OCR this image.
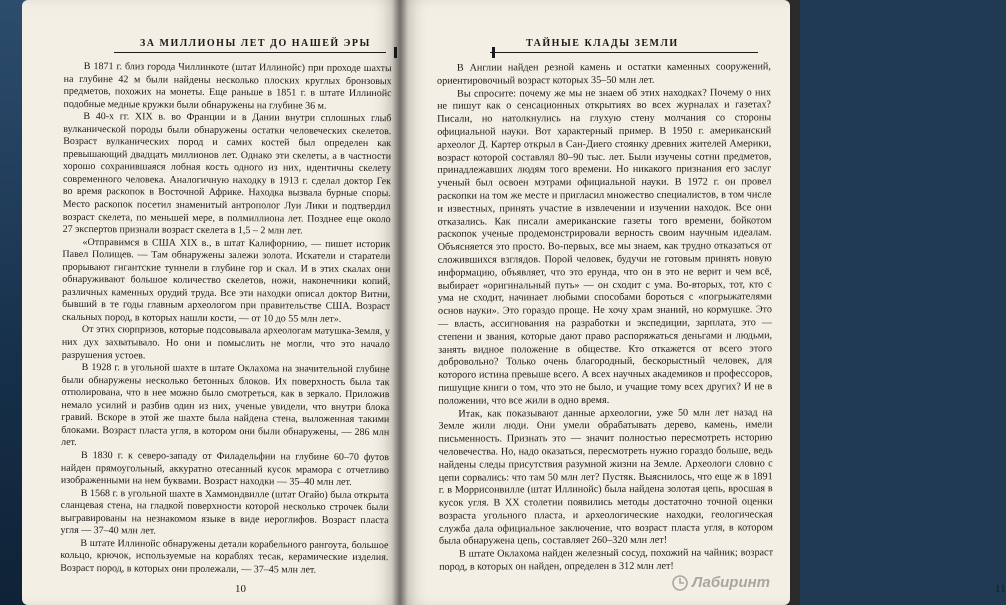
ЗА МИЛЛИОНЫ ЛЕТ ДО НАШЕЙ ЭРЫ

В 1871 г. близ города Чиллинкоте (штат Иллинойс) при проходе шахты на глубине 42 м были найдены несколько плоских круглых бронзовых предметов, похожих на монеты. Еще раньше в 1851 г. в штате Иллинойс подобные медные кружки были обнаружены на глубине 36 м.

В 40-х гг. XIX в. во Франции и в Дании внутри сплошных глыб вулканической породы были обнаружены остатки человеческих скелетов. Возраст вулканических пород и самих костей был определен как превышающий двадцать миллионов лет. Однако эти скелеты, а в частности хорошо сохранившаяся лобная кость одного из них, идентичны скелету современного человека. Аналогичную находку в 1913 г. сделал доктор Гек во время раскопок в Восточной Африке. Находка вызвала бурные споры. Место раскопок посетил знаменитый антрополог Луи Лики и подтвердил возраст скелета, по меньшей мере, в полмиллиона лет. Позднее еще около 27 экспертов признали возраст скелета в 1,5 – 2 млн лет.

«Отправимся в США XIX в., в штат Калифорнию, — пишет историк Павел Полищев. — Там обнаружены залежи золота. Искатели и старатели прорывают гигантские туннели в глубине гор и скал. И в этих скалах они обнаруживают большое количество скелетов, ножи, наконечники копий, различных каменных орудий труда. Все эти находки описал доктор Витни, бывший в те годы главным археологом при правительстве США. Возраст скальных пород, в которых нашли кости, — от 10 до 55 млн лет».

От этих сюрпризов, которые подсовывала археологам матушка-Земля, у них дух захватывало. Но они и помыслить не могли, что это начало разрушения устоев.

В 1928 г. в угольной шахте в штате Оклахома на значительной глубине были обнаружены несколько бетонных блоков. Их поверхность была так отполирована, что в нее можно было смотреться, как в зеркало. Приложив немало усилий и разбив один из них, ученые увидели, что внутри блока гравий. Вскоре в этой же шахте была найдена стена, выложенная такими блоками. Возраст пласта угля, в котором они были обнаружены, — 286 млн лет.

В 1830 г. к северо-западу от Филадельфии на глубине 60–70 футов найден прямоугольный, аккуратно отесанный кусок мрамора с отчетливо изображенными на нем буквами. Возраст находки — 35–40 млн лет.

В 1568 г. в угольной шахте в Хаммондвилле (штат Огайо) была открыта сланцевая стена, на гладкой поверхности которой несколько строчек были выгравированы на незнакомом языке в виде иероглифов. Возраст пласта угля — 37–40 млн лет.

В штате Иллинойс обнаружены детали корабельного рангоута, большое кольцо, крючок, используемые на кораблях тесак, керамические изделия. Возраст пород, в которых они пролежали, — 37–45 млн лет.

10
ТАЙНЫЕ КЛАДЫ ЗЕМЛИ

В Англии найден резной камень и остатки каменных сооружений, ориентировочный возраст которых 35–50 млн лет.

Вы спросите: почему же мы не знаем об этих находках? Почему о них не пишут как о сенсационных открытиях во всех журналах и газетах? Писали, но натолкнулись на глухую стену молчания со стороны официальной науки. Вот характерный пример. В 1950 г. американский археолог Д. Картер открыл в Сан-Диего стоянку древних жителей Америки, возраст которой составлял 80–90 тыс. лет. Были изучены сотни предметов, принадлежавших людям того времени. Но никакого признания его заслуг ученый был освоен мэтрами официальной науки. В 1972 г. он провел раскопки на том же месте и пригласил множество специалистов, в том числе и известных, принять участие в извлечении и изучении находок. Все они отказались. Как писали американские газеты того времени, бойкотом раскопок ученые продемонстрировали верность своим научным идеалам. Объясняется это просто. Во-первых, все мы знаем, как трудно отказаться от сложившихся взглядов. Порой человек, будучи не готовым принять новую информацию, объявляет, что это ерунда, что он в это не верит и чем всё, выбирает «оригинальный путь» — он сходит с ума. Во-вторых, тот, кто с ума не сходит, начинает любыми способами бороться с «погрыжателями основ науки». Это гораздо проще. Не хочу храм знаний, но кормушке. Это — власть, ассигнования на разработки и экспедиции, зарплата, это — степени и звания, которые дают право распоряжаться деньгами и людьми, занять видное положение в обществе. Кто откажется от всего этого добровольно? Только очень благородный, бескорыстный человек, для которого истина превыше всего. А всех научных академиков и профессоров, пишущие книги о том, что это не было, и учащие тому всех других? И не в положении, что все жили в одно время.

Итак, как показывают данные археологии, уже 50 млн лет назад на Земле жили люди. Они умели обрабатывать дерево, камень, имели письменность. Признать это — значит полностью пересмотреть историю человечества. Но, надо оказаться, пересмотреть нужно гораздо больше, ведь найдены следы присутствия разумной жизни на Земле. Археологи словно с цепи сорвались: что там 50 млн лет? Пустяк. Выяснилось, что еще ж в 1891 г. в Моррисонвилле (штат Иллинойс) была найдена золотая цепь, вросшая в кусок угля. В XX столетии появились методы достаточно точной оценки возраста угольного пласта, и археологические находки, геологическая служба дала официальное заключение, что возраст пласта угля, в котором была обнаружена цепь, составляет 260–320 млн лет!

В штате Оклахома найден железный сосуд, похожий на чайник; возраст пород, в которых он найден, определен в 312 млн лет!

11
Лабиринт
